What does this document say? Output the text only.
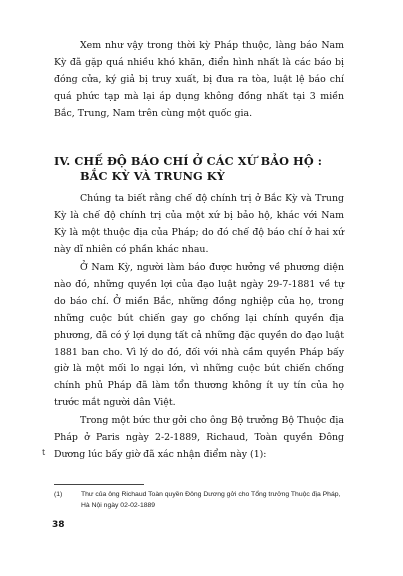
Xem như vậy trong thời kỳ Pháp thuộc, làng báo Nam Kỳ đã gặp quá nhiều khó khăn, điển hình nhất là các báo bị đóng cửa, ký giả bị truy xuất, bị đưa ra tòa, luật lệ báo chí quá phức tạp mà lại áp dụng không đồng nhất tại 3 miền Bắc, Trung, Nam trên cùng một quốc gia.

IV. CHẾ ĐỘ BÁO CHÍ Ở CÁC XỨ BẢO HỘ :
BẮC KỲ VÀ TRUNG KỲ

Chúng ta biết rằng chế độ chính trị ở Bắc Kỳ và Trung Kỳ là chế độ chính trị của một xứ bị bảo hộ, khác với Nam Kỳ là một thuộc địa của Pháp; do đó chế độ báo chí ở hai xứ này dĩ nhiên có phần khác nhau.

Ở Nam Kỳ, người làm báo được hưởng về phương diện nào đó, những quyền lợi của đạo luật ngày 29-7-1881 về tự do báo chí. Ở miền Bắc, những đồng nghiệp của họ, trong những cuộc bút chiến gay go chống lại chính quyền địa phương, đã có ý lợi dụng tất cả những đặc quyền do đạo luật 1881 ban cho. Vì lý do đó, đối với nhà cầm quyền Pháp bấy giờ là một mối lo ngại lớn, vì những cuộc bút chiến chống chính phủ Pháp đã làm tổn thương không ít uy tín của họ trước mắt người dân Việt.

Trong một bức thư gởi cho ông Bộ trưởng Bộ Thuộc địa Pháp ở Paris ngày 2-2-1889, Richaud, Toàn quyền Đông Dương lúc bấy giờ đã xác nhận điểm này (1):

t
(1)	Thư của ông Richaud Toàn quyền Đông Dương gởi cho Tổng trưởng Thuộc địa Pháp, Hà Nội ngày 02-02-1889
38
